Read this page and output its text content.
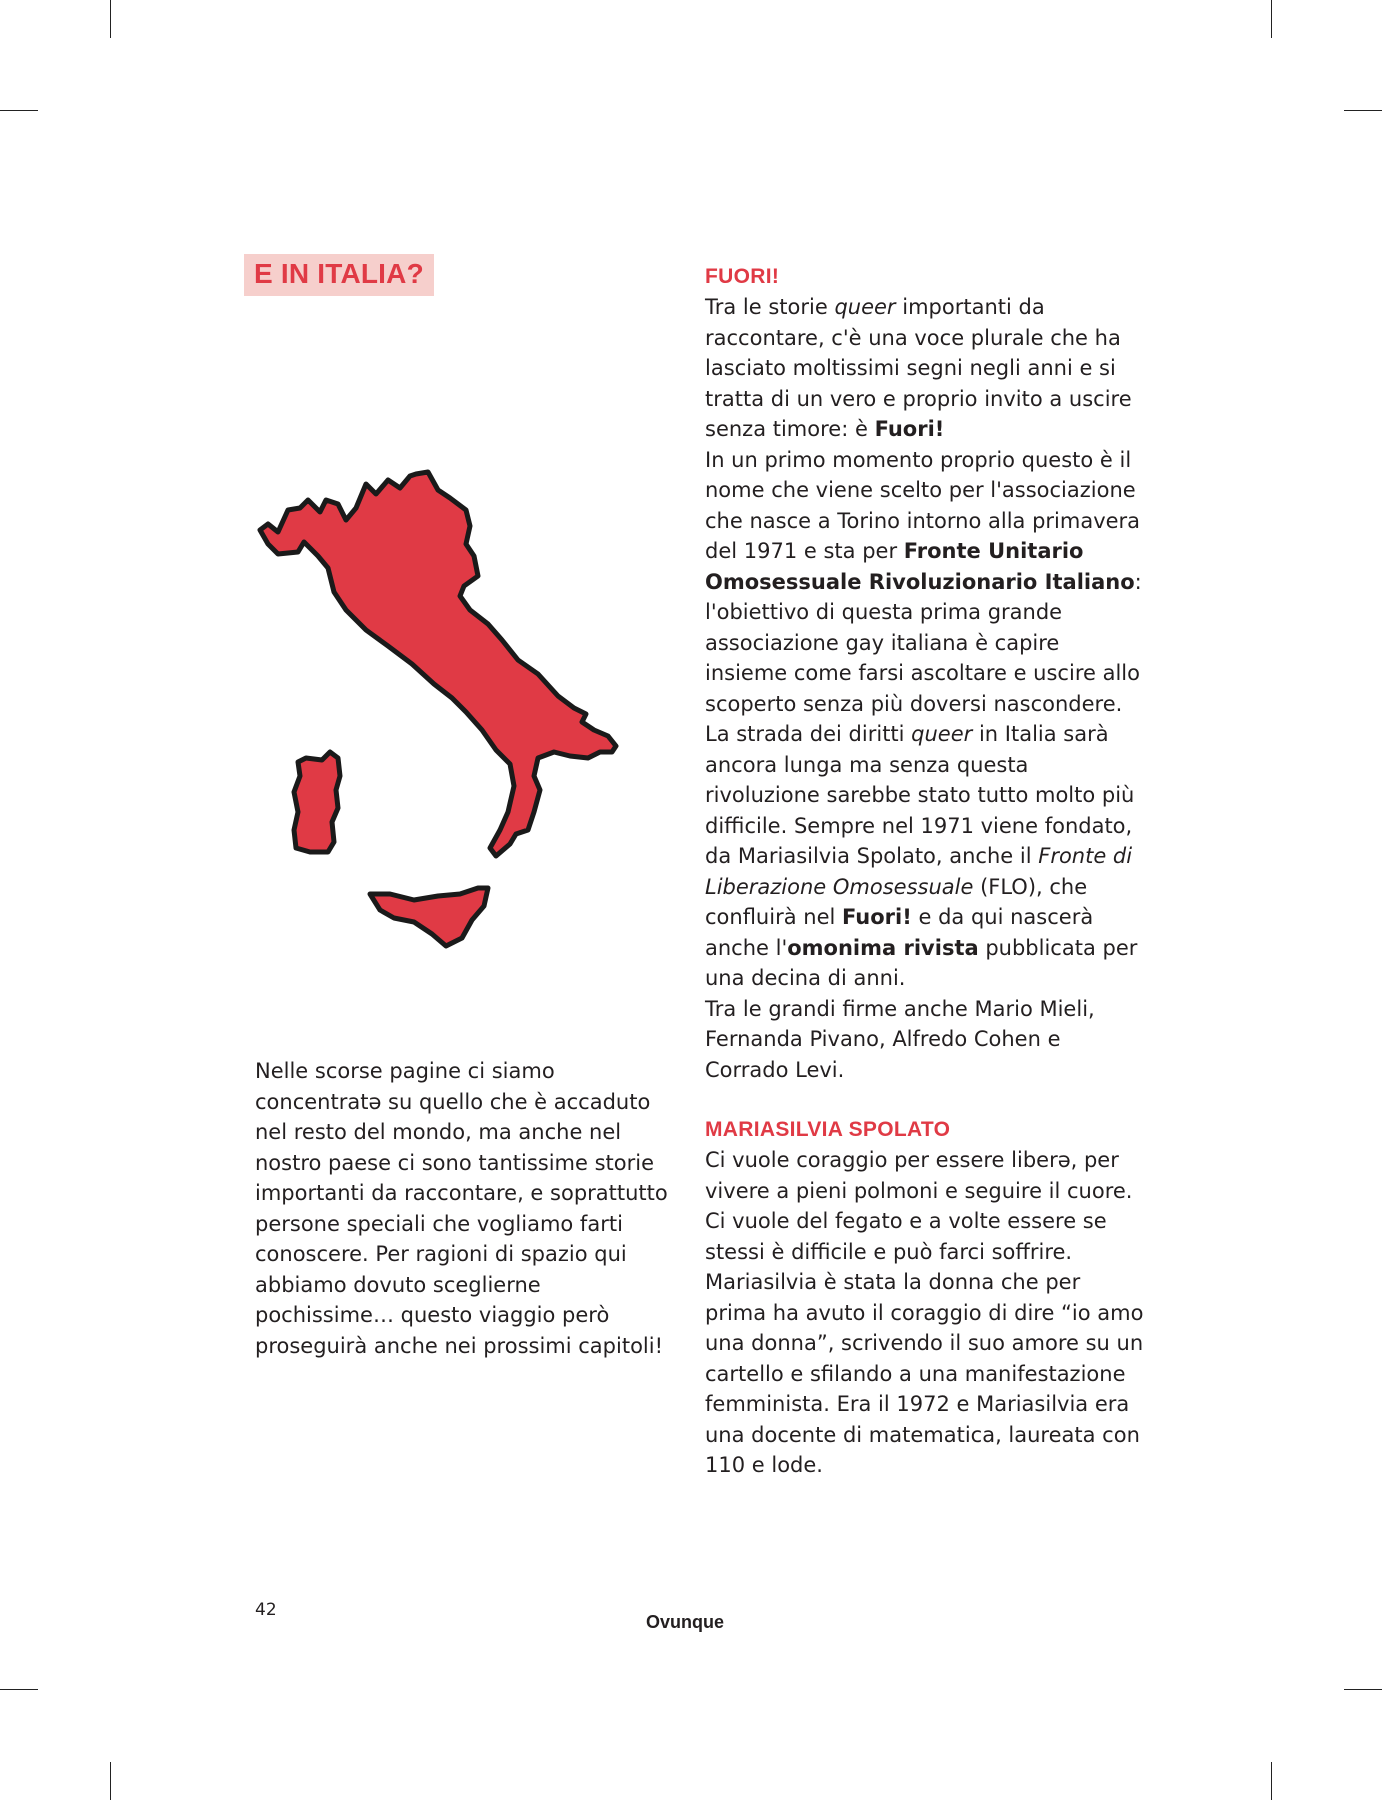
E IN ITALIA?
Nelle scorse pagine ci siamo concentratə su quello che è accaduto nel resto del mondo, ma anche nel nostro paese ci sono tantissime storie importanti da raccontare, e soprattutto persone speciali che vogliamo farti conoscere. Per ragioni di spazio qui abbiamo dovuto sceglierne pochissime… questo viaggio però proseguirà anche nei prossimi capitoli!
FUORI!

Tra le storie queer importanti da raccontare, c'è una voce plurale che ha lasciato moltissimi segni negli anni e si tratta di un vero e proprio invito a uscire senza timore: è Fuori!

In un primo momento proprio questo è il nome che viene scelto per l'associazione che nasce a Torino intorno alla primavera del 1971 e sta per Fronte Unitario Omosessuale Rivoluzionario Italiano: l'obiettivo di questa prima grande associazione gay italiana è capire insieme come farsi ascoltare e uscire allo scoperto senza più doversi nascondere. La strada dei diritti queer in Italia sarà ancora lunga ma senza questa rivoluzione sarebbe stato tutto molto più difficile. Sempre nel 1971 viene fondato, da Mariasilvia Spolato, anche il Fronte di Liberazione Omosessuale (FLO), che confluirà nel Fuori! e da qui nascerà anche l'omonima rivista pubblicata per una decina di anni.

Tra le grandi firme anche Mario Mieli, Fernanda Pivano, Alfredo Cohen e Corrado Levi.

MARIASILVIA SPOLATO

Ci vuole coraggio per essere liberə, per vivere a pieni polmoni e seguire il cuore. Ci vuole del fegato e a volte essere se stessi è difficile e può farci soffrire. Mariasilvia è stata la donna che per prima ha avuto il coraggio di dire “io amo una donna”, scrivendo il suo amore su un cartello e sfilando a una manifestazione femminista. Era il 1972 e Mariasilvia era una docente di matematica, laureata con 110 e lode.

42
Ovunque
